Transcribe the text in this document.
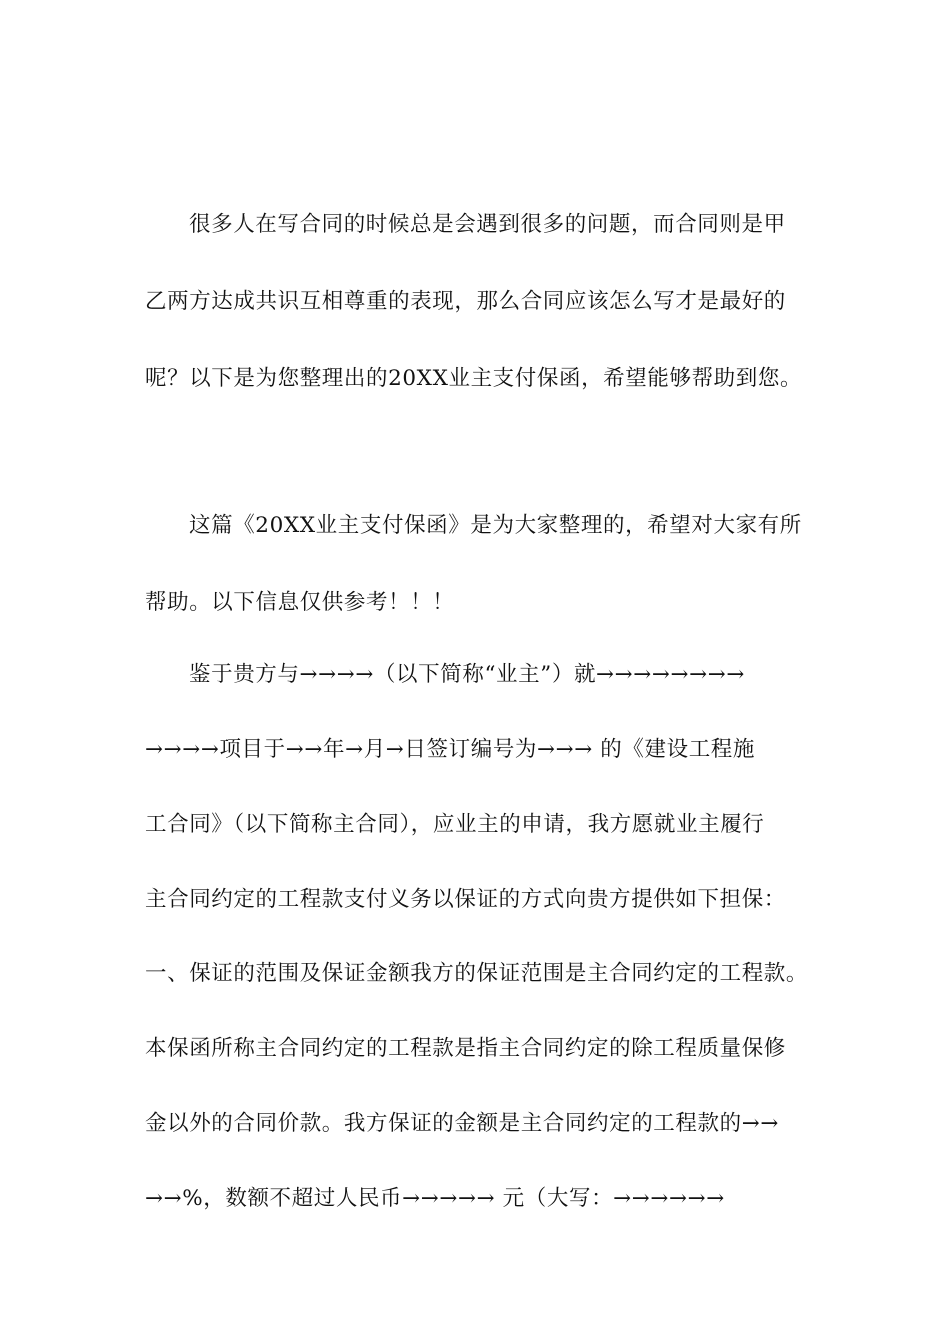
很多人在写合同的时候总是会遇到很多的问题，而合同则是甲
乙两方达成共识互相尊重的表现，那么合同应该怎么写才是最好的
呢？以下是为您整理出的20XX业主支付保函，希望能够帮助到您。
这篇《20XX业主支付保函》是为大家整理的，希望对大家有所
帮助。以下信息仅供参考！！！
鉴于贵方与→→→→（以下简称“业主”）就→→→→→→→→
→→→→项目于→→年→月→日签订编号为→→→ 的《建设工程施
工合同》（以下简称主合同），应业主的申请，我方愿就业主履行
主合同约定的工程款支付义务以保证的方式向贵方提供如下担保：
一、保证的范围及保证金额我方的保证范围是主合同约定的工程款。
本保函所称主合同约定的工程款是指主合同约定的除工程质量保修
金以外的合同价款。我方保证的金额是主合同约定的工程款的→→
→→%，数额不超过人民币→→→→→ 元（大写：→→→→→→
